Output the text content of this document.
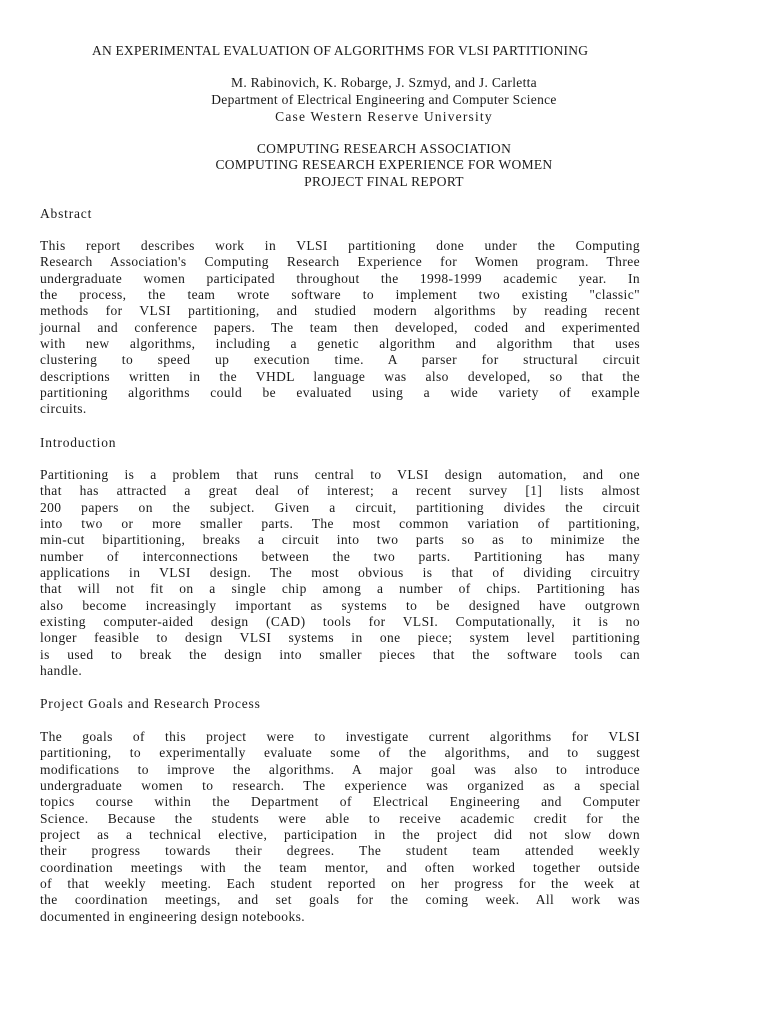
AN EXPERIMENTAL EVALUATION OF ALGORITHMS FOR VLSI PARTITIONING
M. Rabinovich, K. Robarge, J. Szmyd, and J. Carletta
Department of Electrical Engineering and Computer Science
Case Western Reserve University
COMPUTING RESEARCH ASSOCIATION
COMPUTING RESEARCH EXPERIENCE FOR WOMEN
PROJECT FINAL REPORT
Abstract
This report describes work in VLSI partitioning done under the Computing
Research Association's Computing Research Experience for Women program. Three
undergraduate women participated throughout the 1998-1999 academic year. In
the process, the team wrote software to implement two existing "classic"
methods for VLSI partitioning, and studied modern algorithms by reading recent
journal and conference papers. The team then developed, coded and experimented
with new algorithms, including a genetic algorithm and algorithm that uses
clustering to speed up execution time. A parser for structural circuit
descriptions written in the VHDL language was also developed, so that the
partitioning algorithms could be evaluated using a wide variety of example
circuits.
Introduction
Partitioning is a problem that runs central to VLSI design automation, and one
that has attracted a great deal of interest; a recent survey [1] lists almost
200 papers on the subject. Given a circuit, partitioning divides the circuit
into two or more smaller parts. The most common variation of partitioning,
min-cut bipartitioning, breaks a circuit into two parts so as to minimize the
number of interconnections between the two parts. Partitioning has many
applications in VLSI design. The most obvious is that of dividing circuitry
that will not fit on a single chip among a number of chips. Partitioning has
also become increasingly important as systems to be designed have outgrown
existing computer-aided design (CAD) tools for VLSI. Computationally, it is no
longer feasible to design VLSI systems in one piece; system level partitioning
is used to break the design into smaller pieces that the software tools can
handle.
Project Goals and Research Process
The goals of this project were to investigate current algorithms for VLSI
partitioning, to experimentally evaluate some of the algorithms, and to suggest
modifications to improve the algorithms. A major goal was also to introduce
undergraduate women to research. The experience was organized as a special
topics course within the Department of Electrical Engineering and Computer
Science. Because the students were able to receive academic credit for the
project as a technical elective, participation in the project did not slow down
their progress towards their degrees. The student team attended weekly
coordination meetings with the team mentor, and often worked together outside
of that weekly meeting. Each student reported on her progress for the week at
the coordination meetings, and set goals for the coming week. All work was
documented in engineering design notebooks.
